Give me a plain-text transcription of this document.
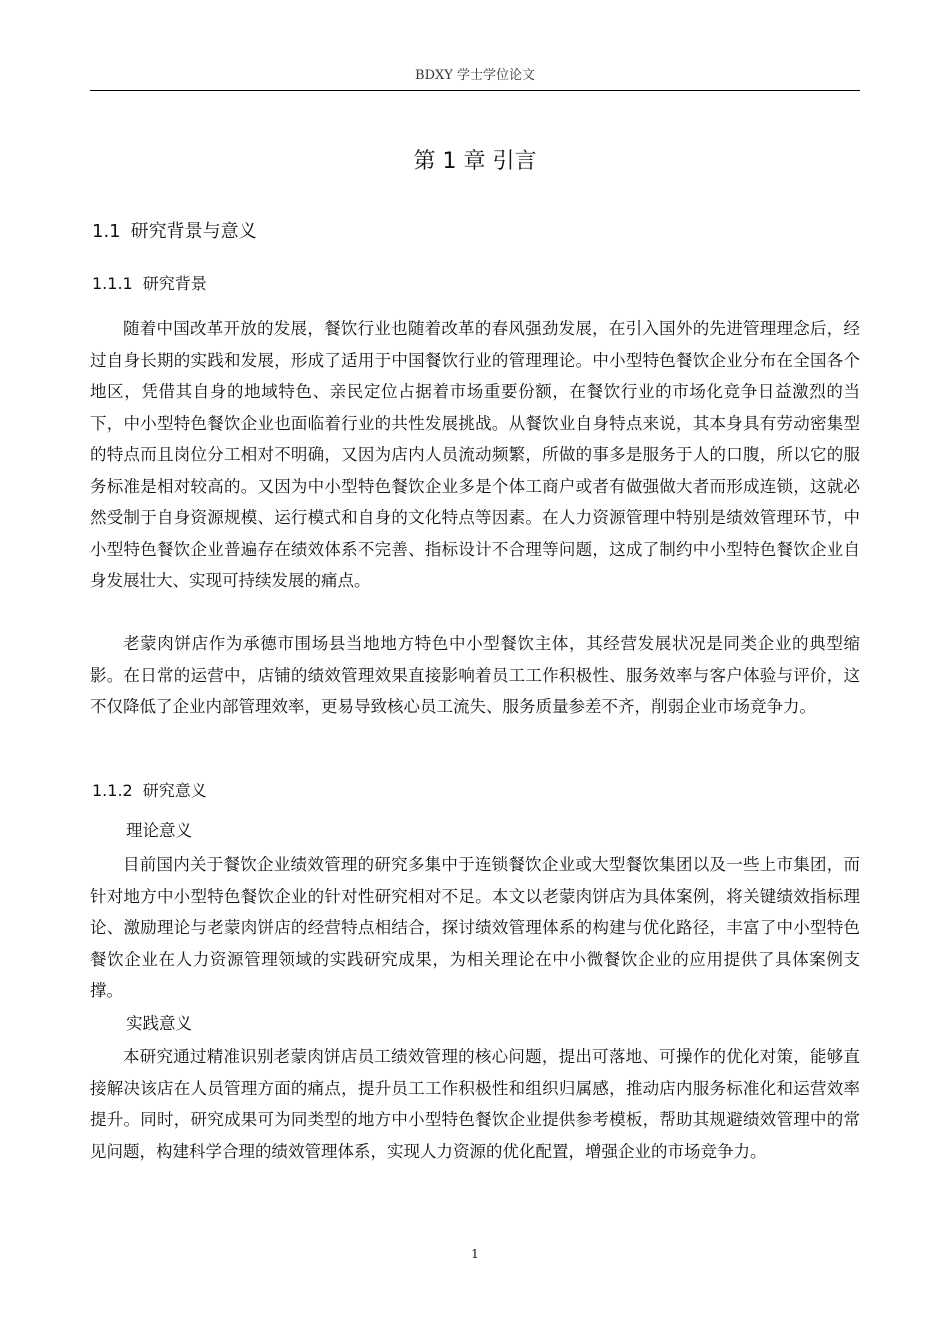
BDXY 学士学位论文
第 1 章 引言
1.1 研究背景与意义
1.1.1 研究背景

随着中国改革开放的发展，餐饮行业也随着改革的春风强劲发展，在引入国外的先进管理理念后，经过自身长期的实践和发展，形成了适用于中国餐饮行业的管理理论。中小型特色餐饮企业分布在全国各个地区，凭借其自身的地域特色、亲民定位占据着市场重要份额，在餐饮行业的市场化竞争日益激烈的当下，中小型特色餐饮企业也面临着行业的共性发展挑战。从餐饮业自身特点来说，其本身具有劳动密集型的特点而且岗位分工相对不明确，又因为店内人员流动频繁，所做的事多是服务于人的口腹，所以它的服务标准是相对较高的。又因为中小型特色餐饮企业多是个体工商户或者有做强做大者而形成连锁，这就必然受制于自身资源规模、运行模式和自身的文化特点等因素。在人力资源管理中特别是绩效管理环节，中小型特色餐饮企业普遍存在绩效体系不完善、指标设计不合理等问题，这成了制约中小型特色餐饮企业自身发展壮大、实现可持续发展的痛点。

老蒙肉饼店作为承德市围场县当地地方特色中小型餐饮主体，其经营发展状况是同类企业的典型缩影。在日常的运营中，店铺的绩效管理效果直接影响着员工工作积极性、服务效率与客户体验与评价，这不仅降低了企业内部管理效率，更易导致核心员工流失、服务质量参差不齐，削弱企业市场竞争力。

1.1.2 研究意义

理论意义

目前国内关于餐饮企业绩效管理的研究多集中于连锁餐饮企业或大型餐饮集团以及一些上市集团，而针对地方中小型特色餐饮企业的针对性研究相对不足。本文以老蒙肉饼店为具体案例，将关键绩效指标理论、激励理论与老蒙肉饼店的经营特点相结合，探讨绩效管理体系的构建与优化路径，丰富了中小型特色餐饮企业在人力资源管理领域的实践研究成果，为相关理论在中小微餐饮企业的应用提供了具体案例支撑。

实践意义

本研究通过精准识别老蒙肉饼店员工绩效管理的核心问题，提出可落地、可操作的优化对策，能够直接解决该店在人员管理方面的痛点，提升员工工作积极性和组织归属感，推动店内服务标准化和运营效率提升。同时，研究成果可为同类型的地方中小型特色餐饮企业提供参考模板，帮助其规避绩效管理中的常见问题，构建科学合理的绩效管理体系，实现人力资源的优化配置，增强企业的市场竞争力。

1
